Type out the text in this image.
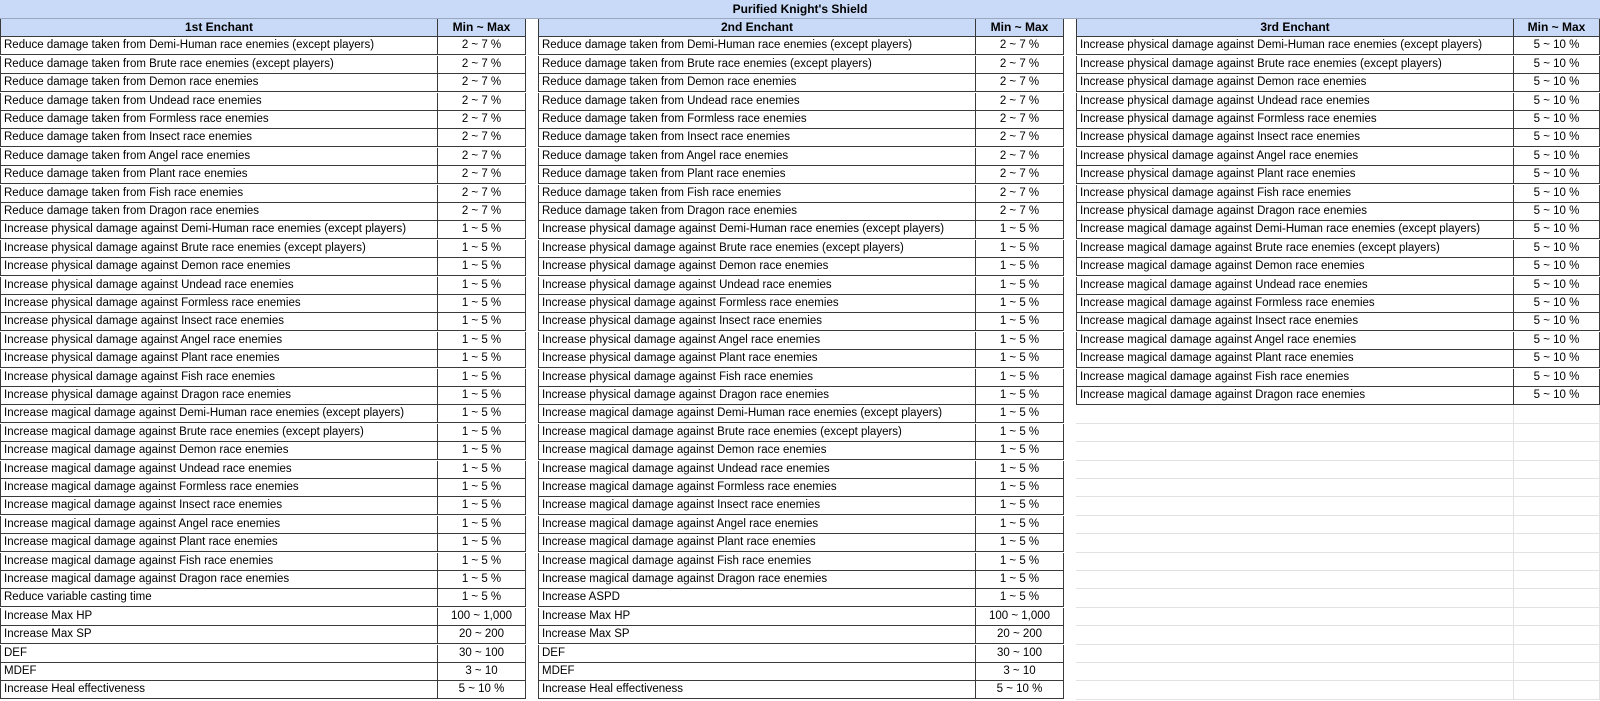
Purified Knight's Shield
1st Enchant	Min ~ Max
Reduce damage taken from Demi-Human race enemies (except players)	2 ~ 7 %
Reduce damage taken from Brute race enemies (except players)	2 ~ 7 %
Reduce damage taken from Demon race enemies	2 ~ 7 %
Reduce damage taken from Undead race enemies	2 ~ 7 %
Reduce damage taken from Formless race enemies	2 ~ 7 %
Reduce damage taken from Insect race enemies	2 ~ 7 %
Reduce damage taken from Angel race enemies	2 ~ 7 %
Reduce damage taken from Plant race enemies	2 ~ 7 %
Reduce damage taken from Fish race enemies	2 ~ 7 %
Reduce damage taken from Dragon race enemies	2 ~ 7 %
Increase physical damage against Demi-Human race enemies (except players)	1 ~ 5 %
Increase physical damage against Brute race enemies (except players)	1 ~ 5 %
Increase physical damage against Demon race enemies	1 ~ 5 %
Increase physical damage against Undead race enemies	1 ~ 5 %
Increase physical damage against Formless race enemies	1 ~ 5 %
Increase physical damage against Insect race enemies	1 ~ 5 %
Increase physical damage against Angel race enemies	1 ~ 5 %
Increase physical damage against Plant race enemies	1 ~ 5 %
Increase physical damage against Fish race enemies	1 ~ 5 %
Increase physical damage against Dragon race enemies	1 ~ 5 %
Increase magical damage against Demi-Human race enemies (except players)	1 ~ 5 %
Increase magical damage against Brute race enemies (except players)	1 ~ 5 %
Increase magical damage against Demon race enemies	1 ~ 5 %
Increase magical damage against Undead race enemies	1 ~ 5 %
Increase magical damage against Formless race enemies	1 ~ 5 %
Increase magical damage against Insect race enemies	1 ~ 5 %
Increase magical damage against Angel race enemies	1 ~ 5 %
Increase magical damage against Plant race enemies	1 ~ 5 %
Increase magical damage against Fish race enemies	1 ~ 5 %
Increase magical damage against Dragon race enemies	1 ~ 5 %
Reduce variable casting time	1 ~ 5 %
Increase Max HP	100 ~ 1,000
Increase Max SP	20 ~ 200
DEF	30 ~ 100
MDEF	3 ~ 10
Increase Heal effectiveness	5 ~ 10 %
2nd Enchant	Min ~ Max
Reduce damage taken from Demi-Human race enemies (except players)	2 ~ 7 %
Reduce damage taken from Brute race enemies (except players)	2 ~ 7 %
Reduce damage taken from Demon race enemies	2 ~ 7 %
Reduce damage taken from Undead race enemies	2 ~ 7 %
Reduce damage taken from Formless race enemies	2 ~ 7 %
Reduce damage taken from Insect race enemies	2 ~ 7 %
Reduce damage taken from Angel race enemies	2 ~ 7 %
Reduce damage taken from Plant race enemies	2 ~ 7 %
Reduce damage taken from Fish race enemies	2 ~ 7 %
Reduce damage taken from Dragon race enemies	2 ~ 7 %
Increase physical damage against Demi-Human race enemies (except players)	1 ~ 5 %
Increase physical damage against Brute race enemies (except players)	1 ~ 5 %
Increase physical damage against Demon race enemies	1 ~ 5 %
Increase physical damage against Undead race enemies	1 ~ 5 %
Increase physical damage against Formless race enemies	1 ~ 5 %
Increase physical damage against Insect race enemies	1 ~ 5 %
Increase physical damage against Angel race enemies	1 ~ 5 %
Increase physical damage against Plant race enemies	1 ~ 5 %
Increase physical damage against Fish race enemies	1 ~ 5 %
Increase physical damage against Dragon race enemies	1 ~ 5 %
Increase magical damage against Demi-Human race enemies (except players)	1 ~ 5 %
Increase magical damage against Brute race enemies (except players)	1 ~ 5 %
Increase magical damage against Demon race enemies	1 ~ 5 %
Increase magical damage against Undead race enemies	1 ~ 5 %
Increase magical damage against Formless race enemies	1 ~ 5 %
Increase magical damage against Insect race enemies	1 ~ 5 %
Increase magical damage against Angel race enemies	1 ~ 5 %
Increase magical damage against Plant race enemies	1 ~ 5 %
Increase magical damage against Fish race enemies	1 ~ 5 %
Increase magical damage against Dragon race enemies	1 ~ 5 %
Increase ASPD	1 ~ 5 %
Increase Max HP	100 ~ 1,000
Increase Max SP	20 ~ 200
DEF	30 ~ 100
MDEF	3 ~ 10
Increase Heal effectiveness	5 ~ 10 %
3rd Enchant	Min ~ Max
Increase physical damage against Demi-Human race enemies (except players)	5 ~ 10 %
Increase physical damage against Brute race enemies (except players)	5 ~ 10 %
Increase physical damage against Demon race enemies	5 ~ 10 %
Increase physical damage against Undead race enemies	5 ~ 10 %
Increase physical damage against Formless race enemies	5 ~ 10 %
Increase physical damage against Insect race enemies	5 ~ 10 %
Increase physical damage against Angel race enemies	5 ~ 10 %
Increase physical damage against Plant race enemies	5 ~ 10 %
Increase physical damage against Fish race enemies	5 ~ 10 %
Increase physical damage against Dragon race enemies	5 ~ 10 %
Increase magical damage against Demi-Human race enemies (except players)	5 ~ 10 %
Increase magical damage against Brute race enemies (except players)	5 ~ 10 %
Increase magical damage against Demon race enemies	5 ~ 10 %
Increase magical damage against Undead race enemies	5 ~ 10 %
Increase magical damage against Formless race enemies	5 ~ 10 %
Increase magical damage against Insect race enemies	5 ~ 10 %
Increase magical damage against Angel race enemies	5 ~ 10 %
Increase magical damage against Plant race enemies	5 ~ 10 %
Increase magical damage against Fish race enemies	5 ~ 10 %
Increase magical damage against Dragon race enemies	5 ~ 10 %
